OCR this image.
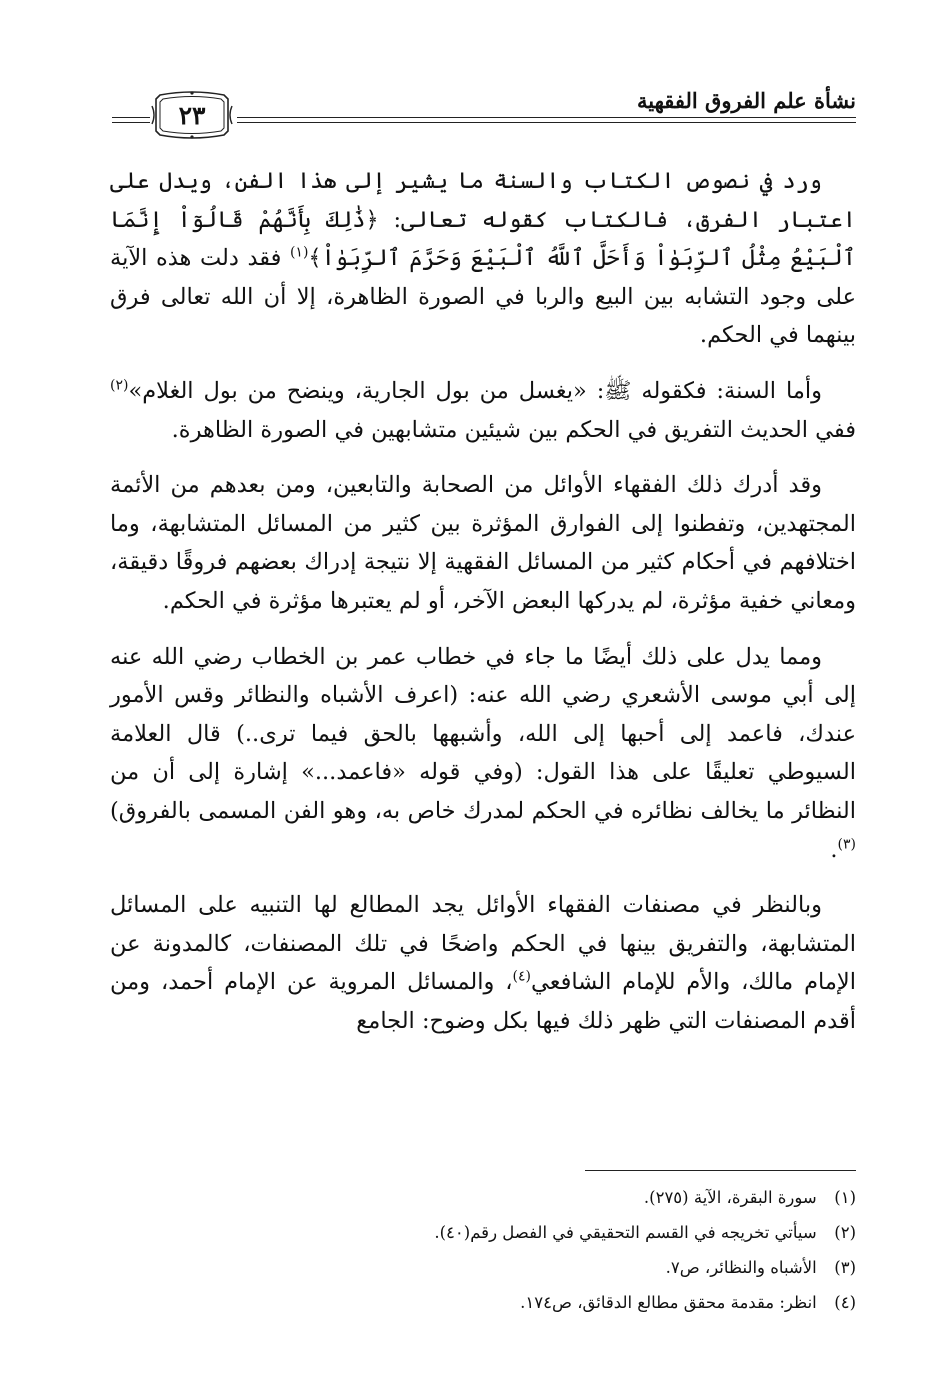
نشأة علم الفروق الفقهية
٢٣

ورد في نصوص الكتاب والسنة ما يشير إلى هذا الفن، ويدل على اعتبار الفرق، فالكتاب كقوله تعالى: ﴿ذَٰلِكَ بِأَنَّهُمْ قَالُوٓاْ إِنَّمَا ٱلْبَيْعُ مِثْلُ ٱلرِّبَوٰاْ وَأَحَلَّ ٱللَّهُ ٱلْبَيْعَ وَحَرَّمَ ٱلرِّبَوٰاْ﴾$^{(١)}$ فقد دلت هذه الآية على وجود التشابه بين البيع والربا في الصورة الظاهرة، إلا أن الله تعالى فرق بينهما في الحكم.

وأما السنة: فكقوله ﷺ: «يغسل من بول الجارية، وينضح من بول الغلام»$^{(٢)}$ ففي الحديث التفريق في الحكم بين شيئين متشابهين في الصورة الظاهرة.

وقد أدرك ذلك الفقهاء الأوائل من الصحابة والتابعين، ومن بعدهم من الأئمة المجتهدين، وتفطنوا إلى الفوارق المؤثرة بين كثير من المسائل المتشابهة، وما اختلافهم في أحكام كثير من المسائل الفقهية إلا نتيجة إدراك بعضهم فروقًا دقيقة، ومعاني خفية مؤثرة، لم يدركها البعض الآخر، أو لم يعتبرها مؤثرة في الحكم.

ومما يدل على ذلك أيضًا ما جاء في خطاب عمر بن الخطاب رضي الله عنه إلى أبي موسى الأشعري رضي الله عنه: (اعرف الأشباه والنظائر وقس الأمور عندك، فاعمد إلى أحبها إلى الله، وأشبهها بالحق فيما ترى..) قال العلامة السيوطي تعليقًا على هذا القول: (وفي قوله «فاعمد...» إشارة إلى أن من النظائر ما يخالف نظائره في الحكم لمدرك خاص به، وهو الفن المسمى بالفروق)$^{(٣)}$.

وبالنظر في مصنفات الفقهاء الأوائل يجد المطالع لها التنبيه على المسائل المتشابهة، والتفريق بينها في الحكم واضحًا في تلك المصنفات، كالمدونة عن الإمام مالك، والأم للإمام الشافعي$^{(٤)}$، والمسائل المروية عن الإمام أحمد، ومن أقدم المصنفات التي ظهر ذلك فيها بكل وضوح: الجامع

(١) سورة البقرة، الآية (٢٧٥).
(٢) سيأتي تخريجه في القسم التحقيقي في الفصل رقم(٤٠).
(٣) الأشباه والنظائر، ص٧.
(٤) انظر: مقدمة محقق مطالع الدقائق، ص١٧٤.
